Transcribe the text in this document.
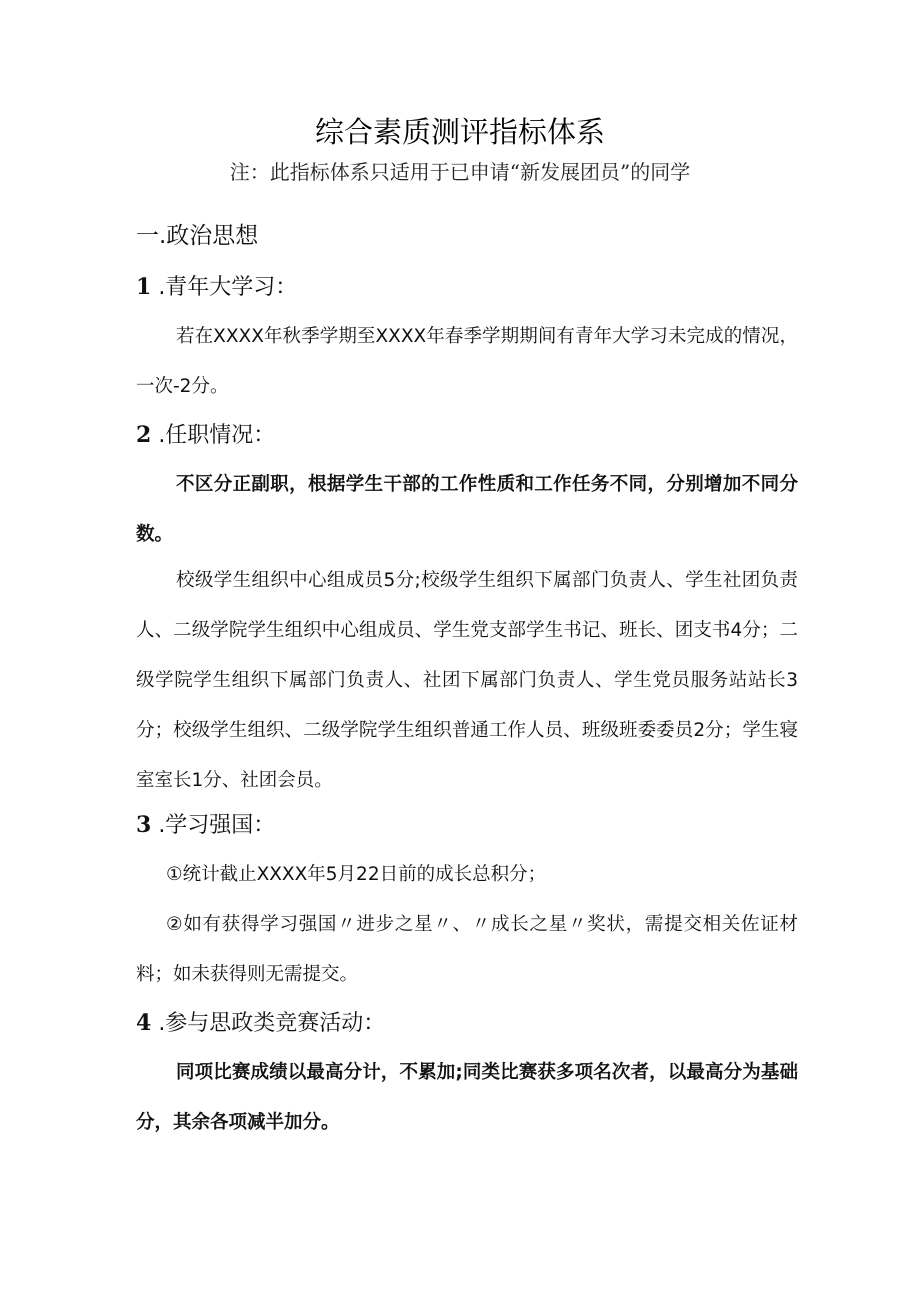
综合素质测评指标体系
注：此指标体系只适用于已申请“新发展团员”的同学
一.政治思想
1 .青年大学习：

若在XXXX年秋季学期至XXXX年春季学期期间有青年大学习未完成的情况，一次-2分。

2 .任职情况：

不区分正副职，根据学生干部的工作性质和工作任务不同，分别增加不同分数。

校级学生组织中心组成员5分;校级学生组织下属部门负责人、学生社团负责人、二级学院学生组织中心组成员、学生党支部学生书记、班长、团支书4分；二级学院学生组织下属部门负责人、社团下属部门负责人、学生党员服务站站长3分；校级学生组织、二级学院学生组织普通工作人员、班级班委委员2分；学生寝室室长1分、社团会员。

3 .学习强国：

①统计截止XXXX年5月22日前的成长总积分；

②如有获得学习强国〃进步之星〃、〃成长之星〃奖状，需提交相关佐证材料；如未获得则无需提交。

4 .参与思政类竞赛活动：

同项比赛成绩以最高分计，不累加;同类比赛获多项名次者，以最高分为基础分，其余各项减半加分。
